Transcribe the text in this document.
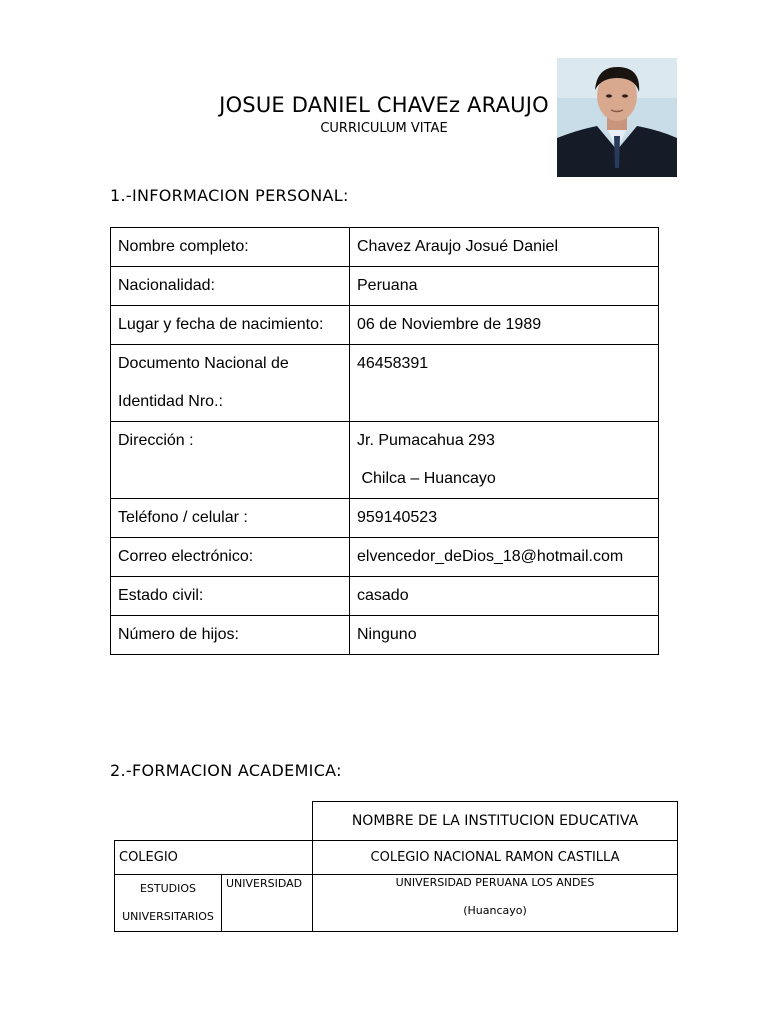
JOSUE DANIEL CHAVEz ARAUJO
CURRICULUM VITAE
1.-INFORMACION PERSONAL:
Nombre completo:	Chavez Araujo Josué Daniel
Nacionalidad:	Peruana
Lugar y fecha de nacimiento:	06 de Noviembre de 1989
Documento Nacional de Identidad Nro.:	46458391
Dirección :	Jr. Pumacahua 293
Chilca – Huancayo

Teléfono / celular :	959140523
Correo electrónico:	elvencedor_deDios_18@hotmail.com
Estado civil:	casado
Número de hijos:	Ninguno
2.-FORMACION ACADEMICA:
		NOMBRE DE LA INSTITUCION EDUCATIVA
COLEGIO		COLEGIO NACIONAL RAMON CASTILLA
ESTUDIOS UNIVERSITARIOS	UNIVERSIDAD	UNIVERSIDAD PERUANA LOS ANDES
(Huancayo)
